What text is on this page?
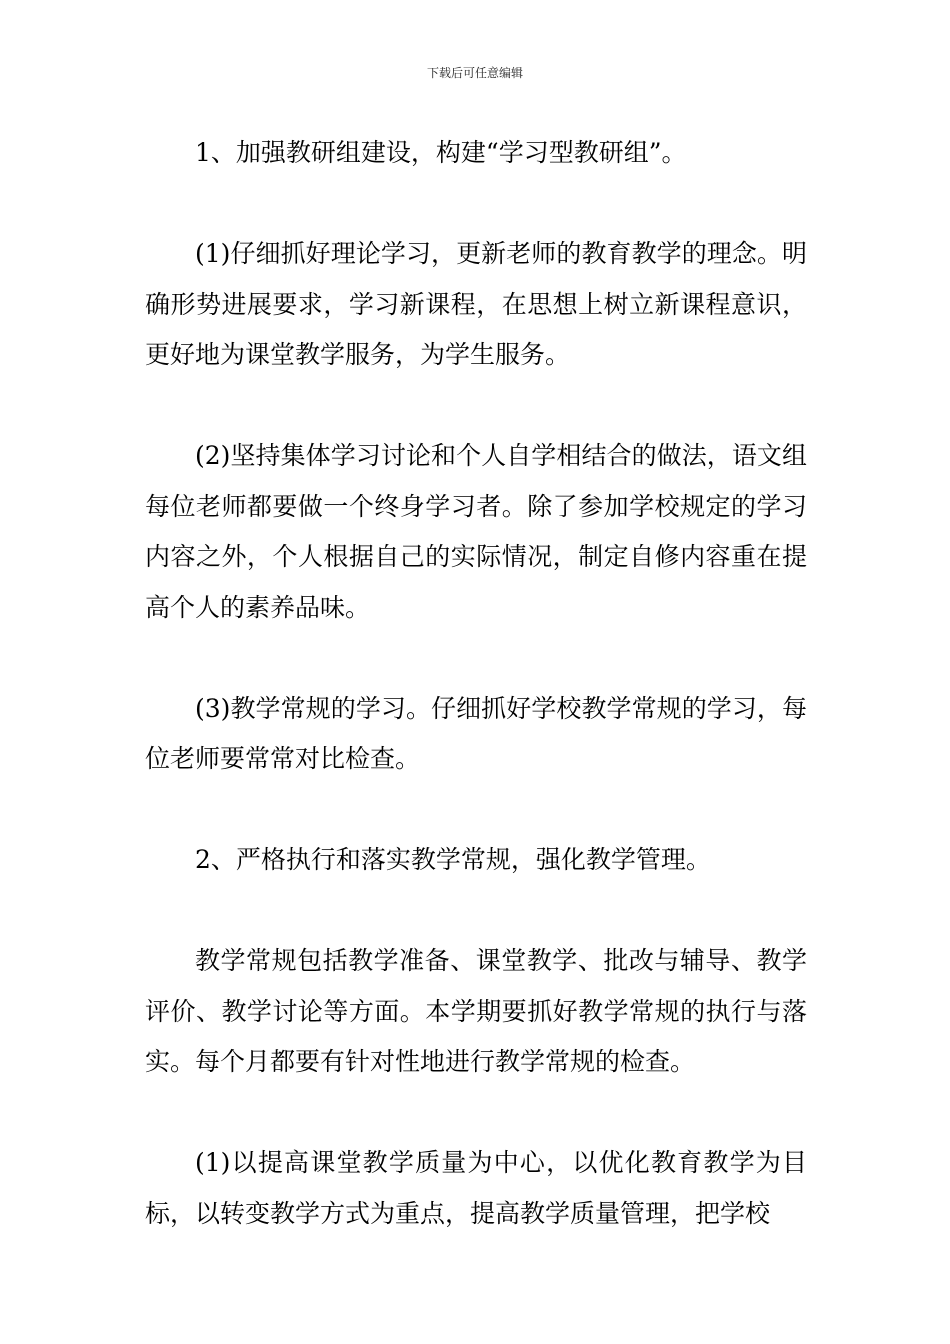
下载后可任意编辑

1、加强教研组建设，构建“学习型教研组”。

(1)仔细抓好理论学习，更新老师的教育教学的理念。明确形势进展要求，学习新课程，在思想上树立新课程意识，更好地为课堂教学服务，为学生服务。

(2)坚持集体学习讨论和个人自学相结合的做法，语文组每位老师都要做一个终身学习者。除了参加学校规定的学习内容之外，个人根据自己的实际情况，制定自修内容重在提高个人的素养品味。

(3)教学常规的学习。仔细抓好学校教学常规的学习，每位老师要常常对比检查。

2、严格执行和落实教学常规，强化教学管理。

教学常规包括教学准备、课堂教学、批改与辅导、教学评价、教学讨论等方面。本学期要抓好教学常规的执行与落实。每个月都要有针对性地进行教学常规的检查。

(1)以提高课堂教学质量为中心，以优化教育教学为目标，以转变教学方式为重点，提高教学质量管理，把学校
